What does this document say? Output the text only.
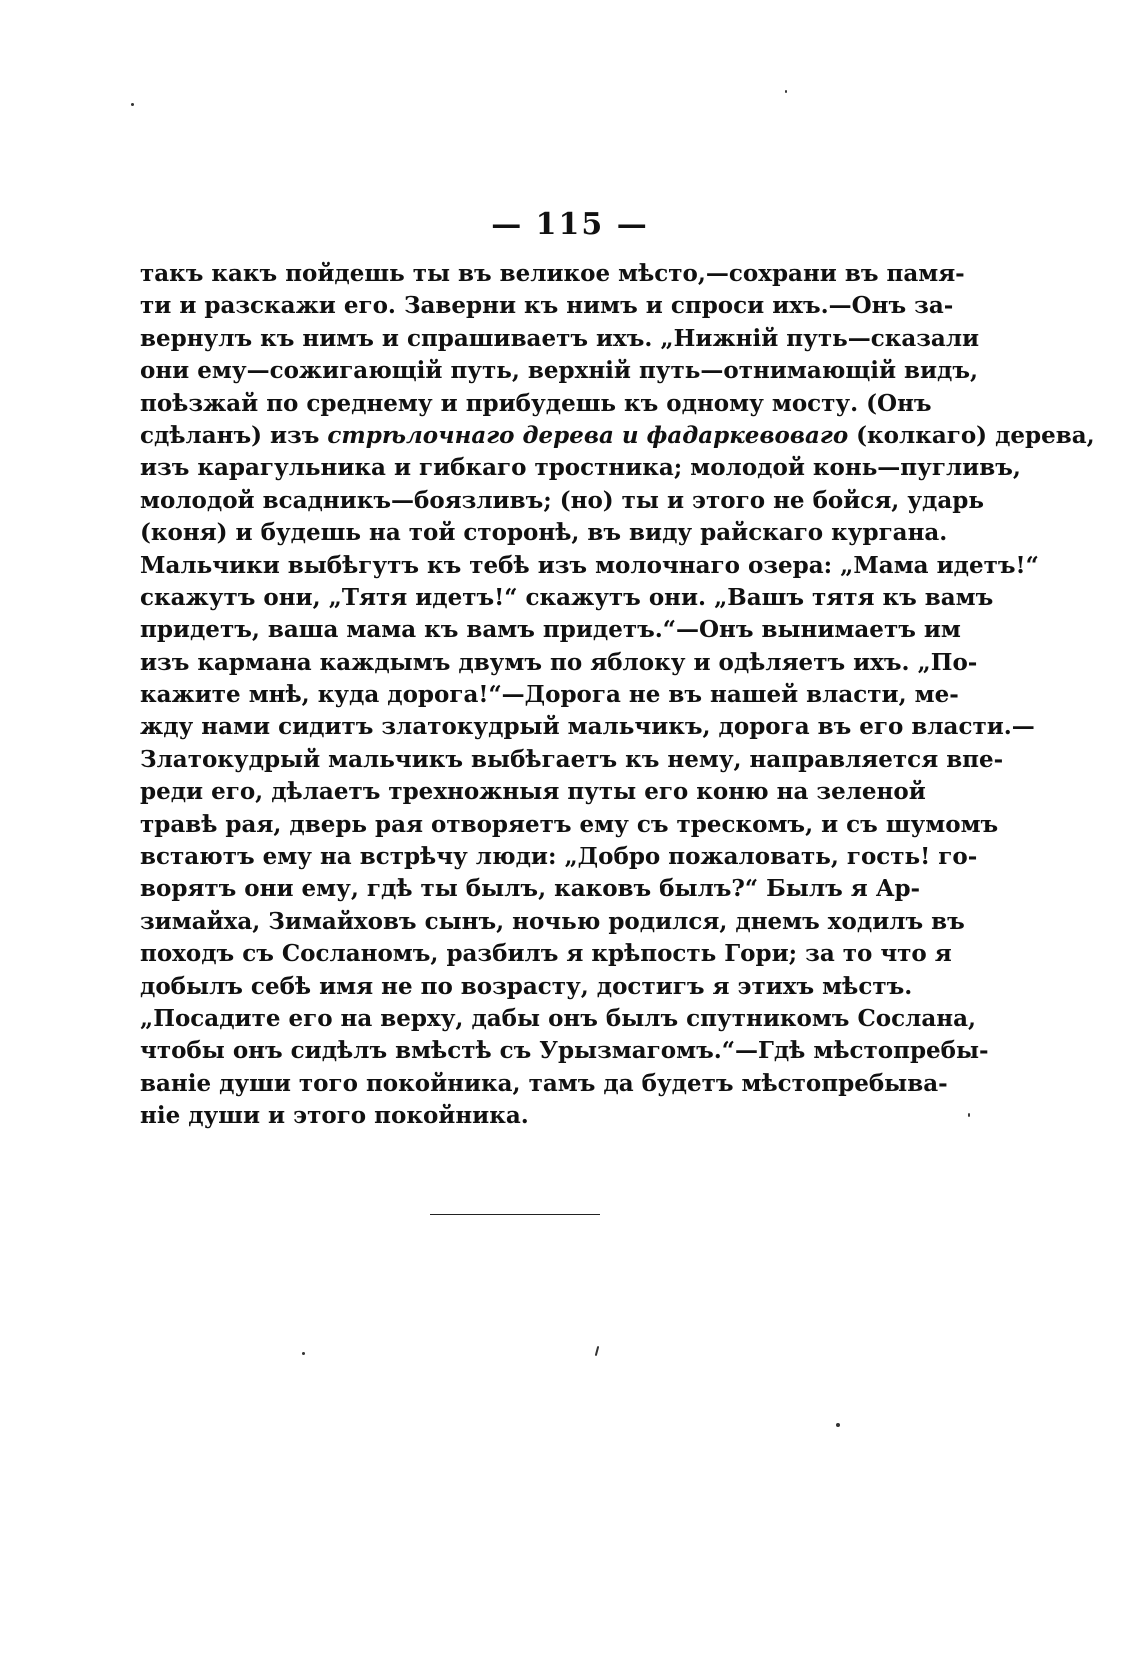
— 115 —
такъ какъ пойдешь ты въ великое мѣсто,—сохрани въ памя-
ти и разскажи его. Заверни къ нимъ и спроси ихъ.—Онъ за-
вернулъ къ нимъ и спрашиваетъ ихъ. „Нижній путь—сказали
они ему—сожигающій путь, верхній путь—отнимающій видъ,
поѣзжай по среднему и прибудешь къ одному мосту. (Онъ
сдѣланъ) изъ стрѣлочнаго дерева и фадаркевоваго (колкаго) дерева,
изъ карагульника и гибкаго тростника; молодой конь—пугливъ,
молодой всадникъ—боязливъ; (но) ты и этого не бойся, ударь
(коня) и будешь на той сторонѣ, въ виду райскаго кургана.
Мальчики выбѣгутъ къ тебѣ изъ молочнаго озера: „Мама идетъ!“
скажутъ они, „Тятя идетъ!“ скажутъ они. „Вашъ тятя къ вамъ
придетъ, ваша мама къ вамъ придетъ.“—Онъ вынимаетъ им
изъ кармана каждымъ двумъ по яблоку и одѣляетъ ихъ. „По-
кажите мнѣ, куда дорога!“—Дорога не въ нашей власти, ме-
жду нами сидитъ златокудрый мальчикъ, дорога въ его власти.—
Златокудрый мальчикъ выбѣгаетъ къ нему, направляется впе-
реди его, дѣлаетъ трехножныя путы его коню на зеленой
травѣ рая, дверь рая отворяетъ ему съ трескомъ, и съ шумомъ
встаютъ ему на встрѣчу люди: „Добро пожаловать, гость! го-
ворятъ они ему, гдѣ ты былъ, каковъ былъ?“ Былъ я Ар-
зимайха, Зимайховъ сынъ, ночью родился, днемъ ходилъ въ
походъ съ Сосланомъ, разбилъ я крѣпость Гори; за то что я
добылъ себѣ имя не по возрасту, достигъ я этихъ мѣстъ.
„Посадите его на верху, дабы онъ былъ спутникомъ Сослана,
чтобы онъ сидѣлъ вмѣстѣ съ Урызмагомъ.“—Гдѣ мѣстопребы-
ваніе души того покойника, тамъ да будетъ мѣстопребыва-
ніе души и этого покойника.
